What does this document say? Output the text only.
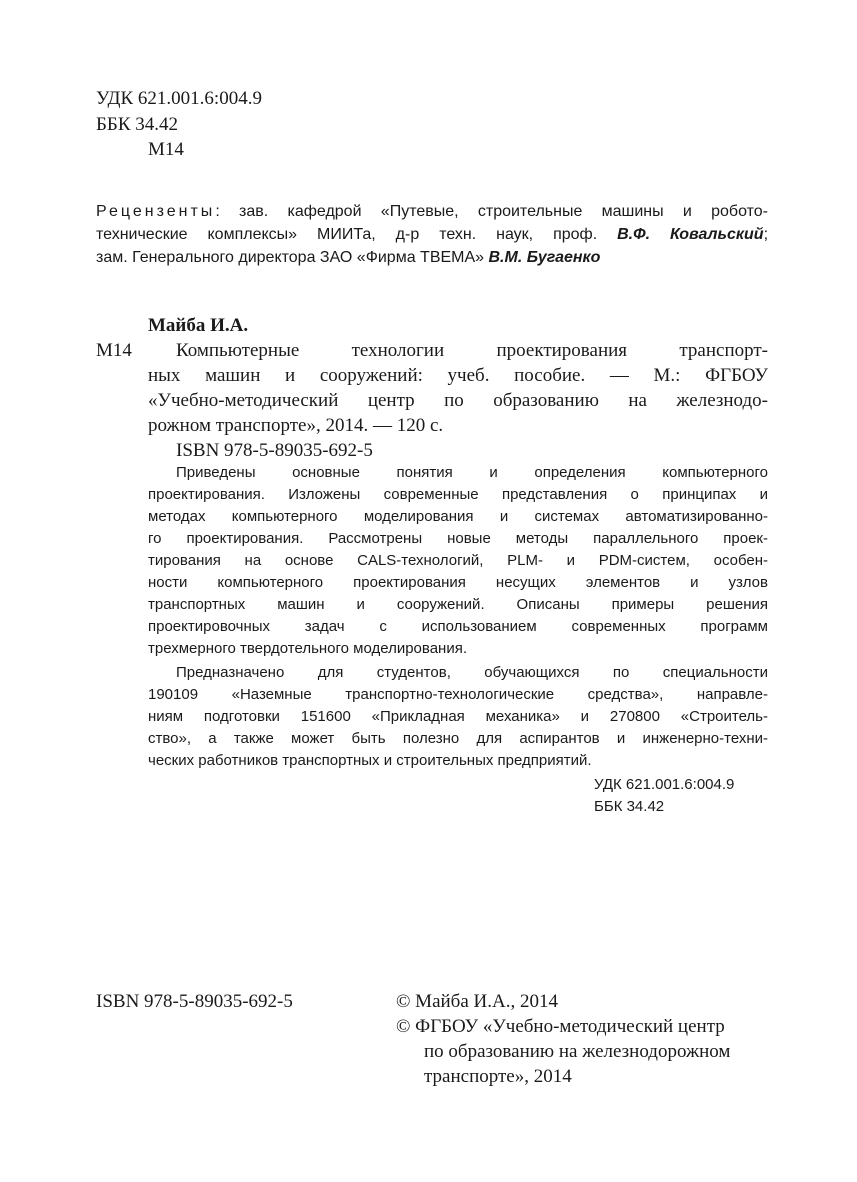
УДК 621.001.6:004.9
ББК 34.42
М14
Рецензенты: зав. кафедрой «Путевые, строительные машины и робото-
технические комплексы» МИИТа, д-р техн. наук, проф. В.Ф. Ковальский;
зам. Генерального директора ЗАО «Фирма ТВЕМА» В.М. Бугаенко
Майба И.А.
М14 Компьютерные технологии проектирования транспорт-
ных машин и сооружений: учеб. пособие. — М.: ФГБОУ
«Учебно-методический центр по образованию на железнодо-
рожном транспорте», 2014. — 120 с.
ISBN 978-5-89035-692-5
Приведены основные понятия и определения компьютерного
проектирования. Изложены современные представления о принципах и
методах компьютерного моделирования и системах автоматизированно-
го проектирования. Рассмотрены новые методы параллельного проек-
тирования на основе CALS-технологий, PLM- и PDM-систем, особен-
ности компьютерного проектирования несущих элементов и узлов
транспортных машин и сооружений. Описаны примеры решения
проектировочных задач с использованием современных программ
трехмерного твердотельного моделирования.
Предназначено для студентов, обучающихся по специальности
190109 «Наземные транспортно-технологические средства», направле-
ниям подготовки 151600 «Прикладная механика» и 270800 «Строитель-
ство», а также может быть полезно для аспирантов и инженерно-техни-
ческих работников транспортных и строительных предприятий.
УДК 621.001.6:004.9
ББК 34.42
ISBN 978-5-89035-692-5	© Майба И.А., 2014
© ФГБОУ «Учебно-методический центр
по образованию на железнодорожном
транспорте», 2014
